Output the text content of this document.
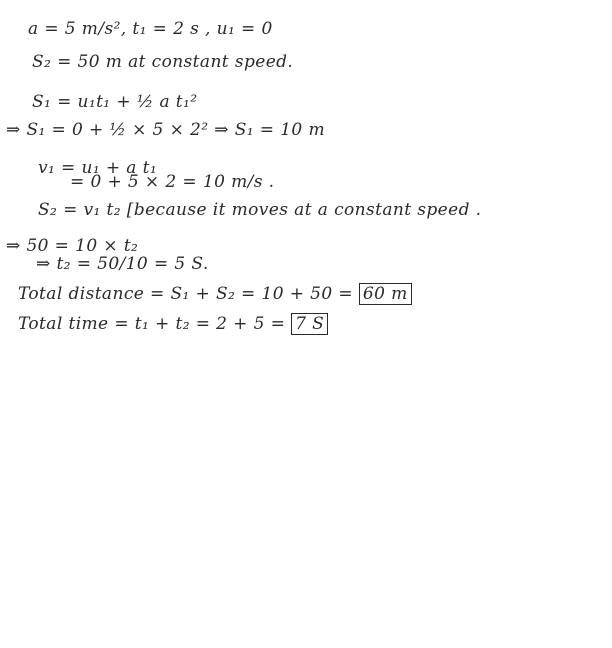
a = 5 m/s², t₁ = 2 s , u₁ = 0
S₂ = 50 m at constant speed.
S₁ = u₁t₁ + ½ a t₁²
⇒ S₁ = 0 + ½ × 5 × 2² ⇒ S₁ = 10 m
v₁ = u₁ + a t₁
= 0 + 5 × 2 = 10 m/s .
S₂ = v₁ t₂ [because it moves at a constant speed .
⇒ 50 = 10 × t₂
⇒ t₂ = 50/10 = 5 S.
Total distance = S₁ + S₂ = 10 + 50 = 60 m
Total time = t₁ + t₂ = 2 + 5 = 7 S
